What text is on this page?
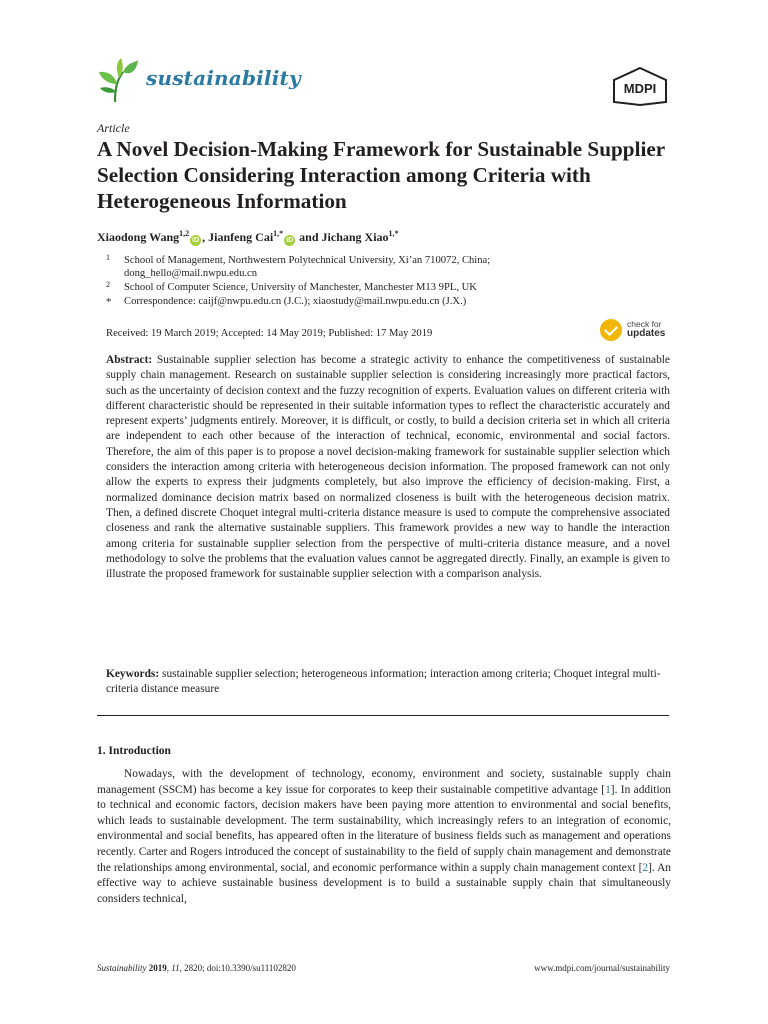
sustainability	MDPI
Article
A Novel Decision-Making Framework for Sustainable Supplier Selection Considering Interaction among Criteria with Heterogeneous Information
Xiaodong Wang$^{1,2}$iD , Jianfeng Cai$^{1,*}$iD and Jichang Xiao$^{1,*}$
1	School of Management, Northwestern Polytechnical University, Xi’an 710072, China;
dong_hello@mail.nwpu.edu.cn
2	School of Computer Science, University of Manchester, Manchester M13 9PL, UK
*	Correspondence: caijf@nwpu.edu.cn (J.C.); xiaostudy@mail.nwpu.edu.cn (J.X.)
Received: 19 March 2019; Accepted: 14 May 2019; Published: 17 May 2019
check for
updates
Abstract: Sustainable supplier selection has become a strategic activity to enhance the competitiveness of sustainable supply chain management. Research on sustainable supplier selection is considering increasingly more practical factors, such as the uncertainty of decision context and the fuzzy recognition of experts. Evaluation values on different criteria with different characteristic should be represented in their suitable information types to reflect the characteristic accurately and represent experts’ judgments entirely. Moreover, it is difficult, or costly, to build a decision criteria set in which all criteria are independent to each other because of the interaction of technical, economic, environmental and social factors. Therefore, the aim of this paper is to propose a novel decision-making framework for sustainable supplier selection which considers the interaction among criteria with heterogeneous decision information. The proposed framework can not only allow the experts to express their judgments completely, but also improve the efficiency of decision-making. First, a normalized dominance decision matrix based on normalized closeness is built with the heterogeneous decision matrix. Then, a defined discrete Choquet integral multi-criteria distance measure is used to compute the comprehensive associated closeness and rank the alternative sustainable suppliers. This framework provides a new way to handle the interaction among criteria for sustainable supplier selection from the perspective of multi-criteria distance measure, and a novel methodology to solve the problems that the evaluation values cannot be aggregated directly. Finally, an example is given to illustrate the proposed framework for sustainable supplier selection with a comparison analysis.
Keywords: sustainable supplier selection; heterogeneous information; interaction among criteria; Choquet integral multi-criteria distance measure
1. Introduction
Nowadays, with the development of technology, economy, environment and society, sustainable supply chain management (SSCM) has become a key issue for corporates to keep their sustainable competitive advantage [1]. In addition to technical and economic factors, decision makers have been paying more attention to environmental and social benefits, which leads to sustainable development. The term sustainability, which increasingly refers to an integration of economic, environmental and social benefits, has appeared often in the literature of business fields such as management and operations recently. Carter and Rogers introduced the concept of sustainability to the field of supply chain management and demonstrate the relationships among environmental, social, and economic performance within a supply chain management context [2]. An effective way to achieve sustainable business development is to build a sustainable supply chain that simultaneously considers technical,
Sustainability 2019, 11, 2820; doi:10.3390/su11102820	www.mdpi.com/journal/sustainability
